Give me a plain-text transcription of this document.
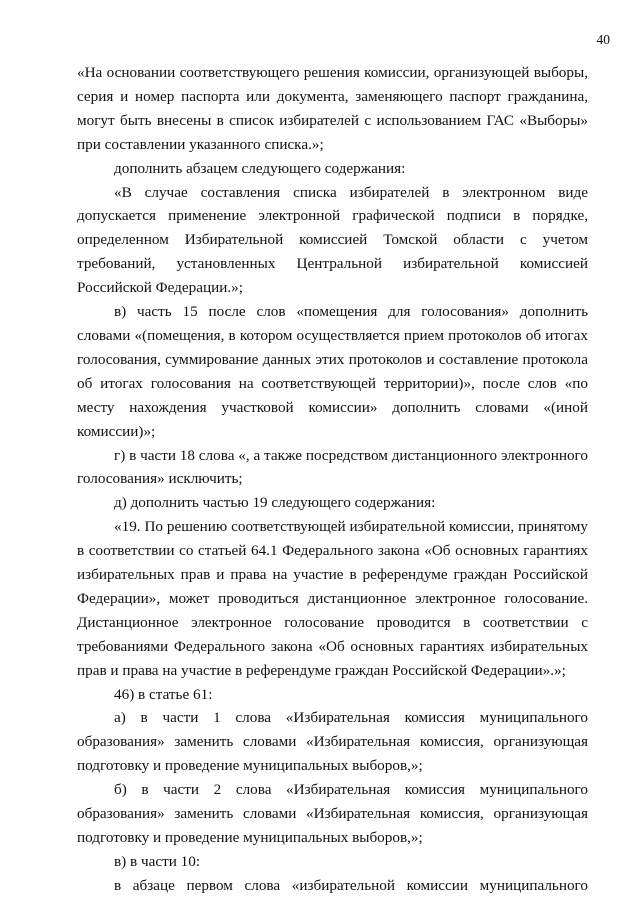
40

«На основании соответствующего решения комиссии, организующей выборы, серия и номер паспорта или документа, заменяющего паспорт гражданина, могут быть внесены в список избирателей с использованием ГАС «Выборы» при составлении указанного списка.»;

дополнить абзацем следующего содержания:

«В случае составления списка избирателей в электронном виде допускается применение электронной графической подписи в порядке, определенном Избирательной комиссией Томской области с учетом требований, установленных Центральной избирательной комиссией Российской Федерации.»;

в) часть 15 после слов «помещения для голосования» дополнить словами «(помещения, в котором осуществляется прием протоколов об итогах голосования, суммирование данных этих протоколов и составление протокола об итогах голосования на соответствующей территории)», после слов «по месту нахождения участковой комиссии» дополнить словами «(иной комиссии)»;

г) в части 18 слова «, а также посредством дистанционного электронного голосования» исключить;

д) дополнить частью 19 следующего содержания:

«19. По решению соответствующей избирательной комиссии, принятому в соответствии со статьей 64.1 Федерального закона «Об основных гарантиях избирательных прав и права на участие в референдуме граждан Российской Федерации», может проводиться дистанционное электронное голосование. Дистанционное электронное голосование проводится в соответствии с требованиями Федерального закона «Об основных гарантиях избирательных прав и права на участие в референдуме граждан Российской Федерации».»;

46) в статье 61:

а) в части 1 слова «Избирательная комиссия муниципального образования» заменить словами «Избирательная комиссия, организующая подготовку и проведение муниципальных выборов,»;

б) в части 2 слова «Избирательная комиссия муниципального образования» заменить словами «Избирательная комиссия, организующая подготовку и проведение муниципальных выборов,»;

в) в части 10:

в абзаце первом слова «избирательной комиссии муниципального
